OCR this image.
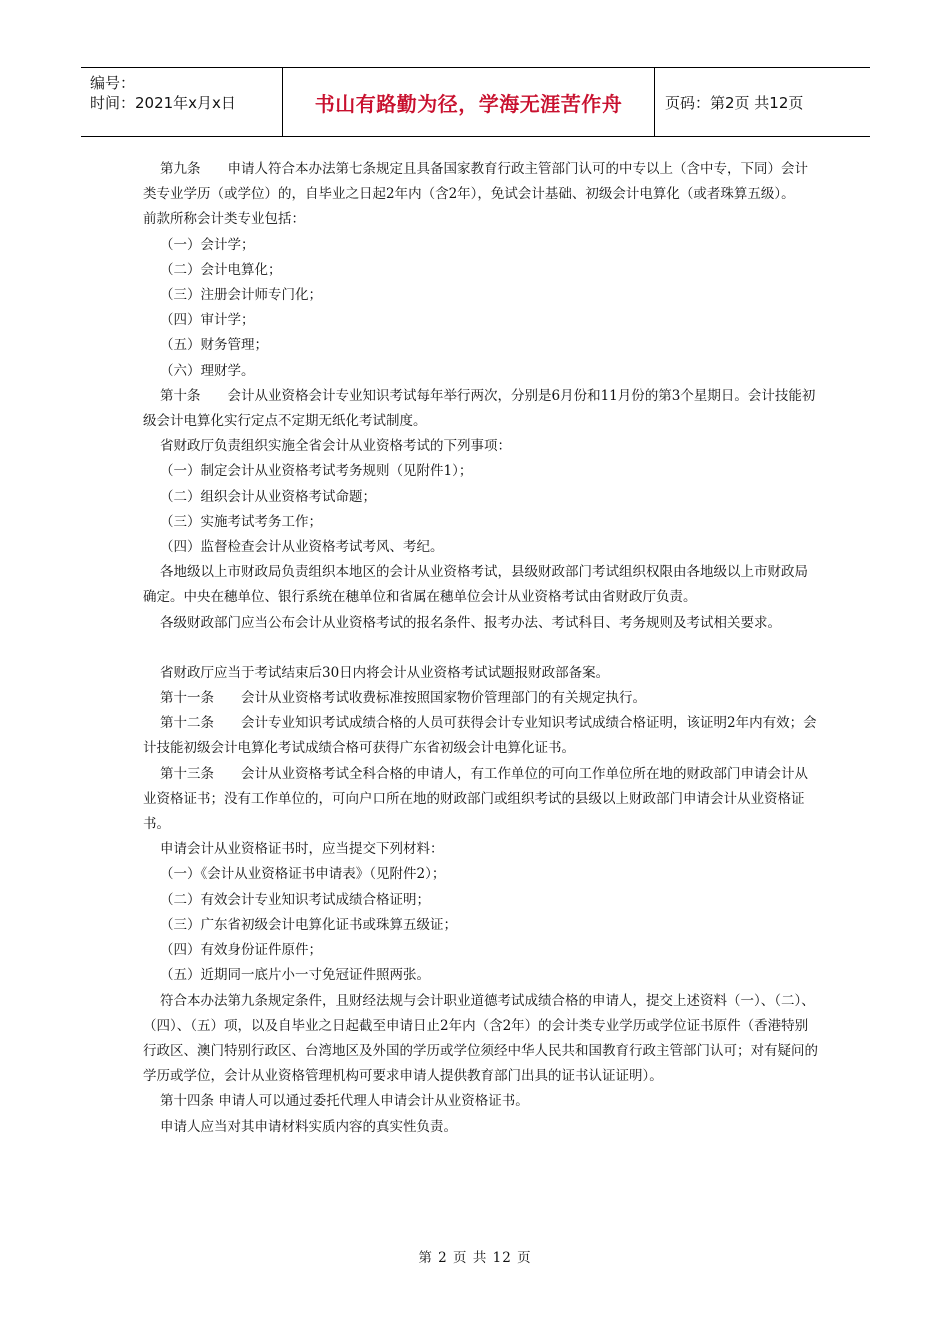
编号：
时间：2021年x月x日	书山有路勤为径，学海无涯苦作舟	页码：第2页 共12页

第九条　　申请人符合本办法第七条规定且具备国家教育行政主管部门认可的中专以上（含中专，下同）会计类专业学历（或学位）的，自毕业之日起2年内（含2年），免试会计基础、初级会计电算化（或者珠算五级）。

前款所称会计类专业包括：

（一）会计学；

（二）会计电算化；

（三）注册会计师专门化；

（四）审计学；

（五）财务管理；

（六）理财学。

第十条　　会计从业资格会计专业知识考试每年举行两次，分别是6月份和11月份的第3个星期日。会计技能初级会计电算化实行定点不定期无纸化考试制度。

省财政厅负责组织实施全省会计从业资格考试的下列事项：

（一）制定会计从业资格考试考务规则（见附件1）；

（二）组织会计从业资格考试命题；

（三）实施考试考务工作；

（四）监督检查会计从业资格考试考风、考纪。

各地级以上市财政局负责组织本地区的会计从业资格考试，县级财政部门考试组织权限由各地级以上市财政局确定。中央在穗单位、银行系统在穗单位和省属在穗单位会计从业资格考试由省财政厅负责。

各级财政部门应当公布会计从业资格考试的报名条件、报考办法、考试科目、考务规则及考试相关要求。

省财政厅应当于考试结束后30日内将会计从业资格考试试题报财政部备案。

第十一条　　会计从业资格考试收费标准按照国家物价管理部门的有关规定执行。

第十二条　　会计专业知识考试成绩合格的人员可获得会计专业知识考试成绩合格证明，该证明2年内有效；会计技能初级会计电算化考试成绩合格可获得广东省初级会计电算化证书。

第十三条　　会计从业资格考试全科合格的申请人，有工作单位的可向工作单位所在地的财政部门申请会计从业资格证书；没有工作单位的，可向户口所在地的财政部门或组织考试的县级以上财政部门申请会计从业资格证书。

申请会计从业资格证书时，应当提交下列材料：

（一）《会计从业资格证书申请表》（见附件2）；

（二）有效会计专业知识考试成绩合格证明；

（三）广东省初级会计电算化证书或珠算五级证；

（四）有效身份证件原件；

（五）近期同一底片小一寸免冠证件照两张。

符合本办法第九条规定条件，且财经法规与会计职业道德考试成绩合格的申请人，提交上述资料（一）、（二）、（四）、（五）项，以及自毕业之日起截至申请日止2年内（含2年）的会计类专业学历或学位证书原件（香港特别行政区、澳门特别行政区、台湾地区及外国的学历或学位须经中华人民共和国教育行政主管部门认可；对有疑问的学历或学位，会计从业资格管理机构可要求申请人提供教育部门出具的证书认证证明）。

第十四条 申请人可以通过委托代理人申请会计从业资格证书。

申请人应当对其申请材料实质内容的真实性负责。

第 2 页 共 12 页
